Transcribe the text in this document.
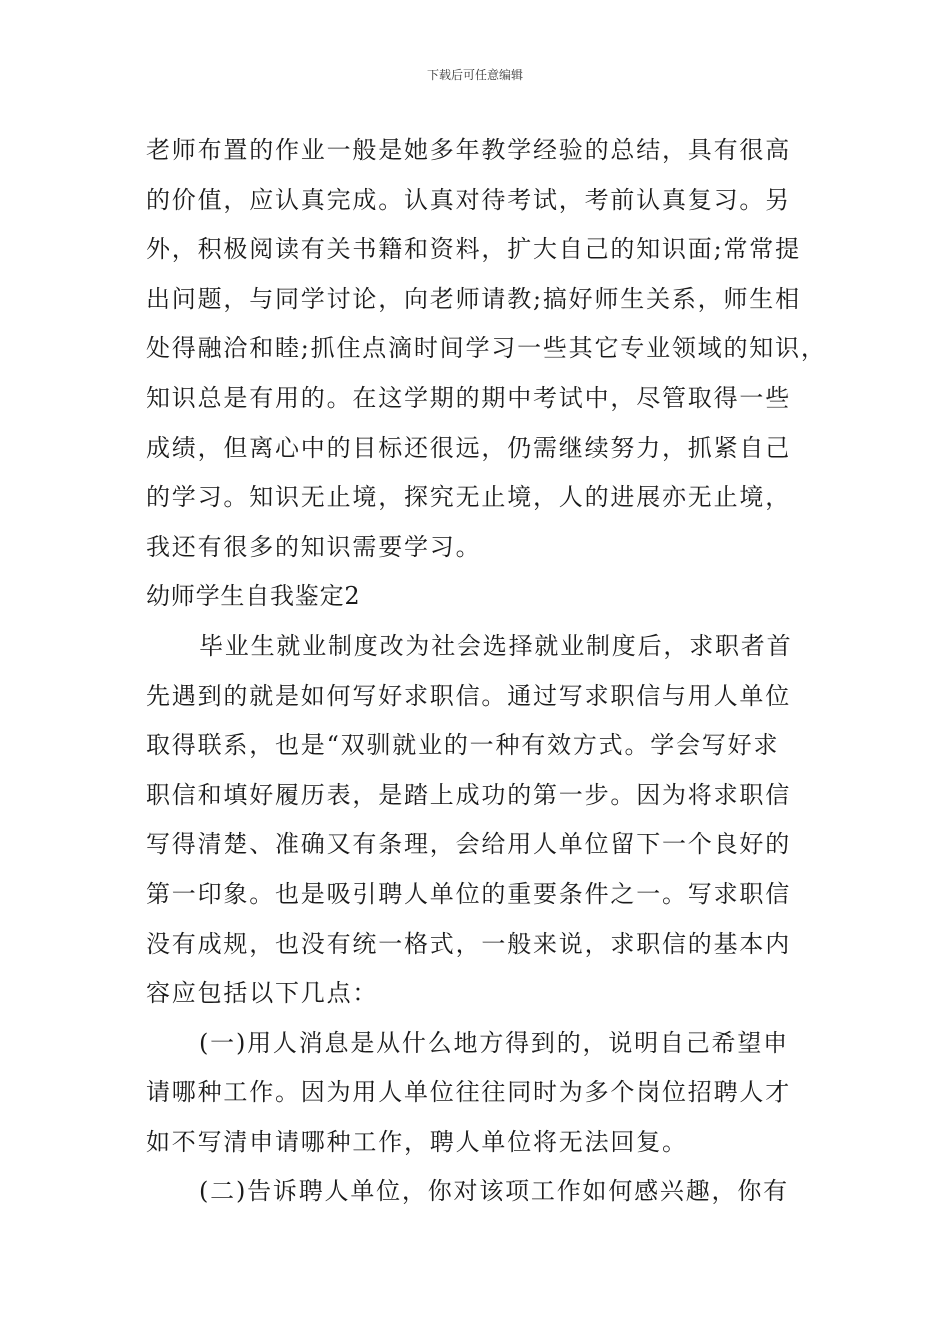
下载后可任意编辑
老师布置的作业一般是她多年教学经验的总结，具有很高
的价值，应认真完成。认真对待考试，考前认真复习。另
外，积极阅读有关书籍和资料，扩大自己的知识面;常常提
出问题，与同学讨论，向老师请教;搞好师生关系，师生相
处得融洽和睦;抓住点滴时间学习一些其它专业领域的知识，
知识总是有用的。在这学期的期中考试中，尽管取得一些
成绩，但离心中的目标还很远，仍需继续努力，抓紧自己
的学习。知识无止境，探究无止境，人的进展亦无止境，
我还有很多的知识需要学习。
幼师学生自我鉴定2
毕业生就业制度改为社会选择就业制度后，求职者首
先遇到的就是如何写好求职信。通过写求职信与用人单位
取得联系，也是“双驯就业的一种有效方式。学会写好求
职信和填好履历表，是踏上成功的第一步。因为将求职信
写得清楚、准确又有条理，会给用人单位留下一个良好的
第一印象。也是吸引聘人单位的重要条件之一。写求职信
没有成规，也没有统一格式，一般来说，求职信的基本内
容应包括以下几点：
(一)用人消息是从什么地方得到的，说明自己希望申
请哪种工作。因为用人单位往往同时为多个岗位招聘人才
如不写清申请哪种工作，聘人单位将无法回复。
(二)告诉聘人单位，你对该项工作如何感兴趣，你有
